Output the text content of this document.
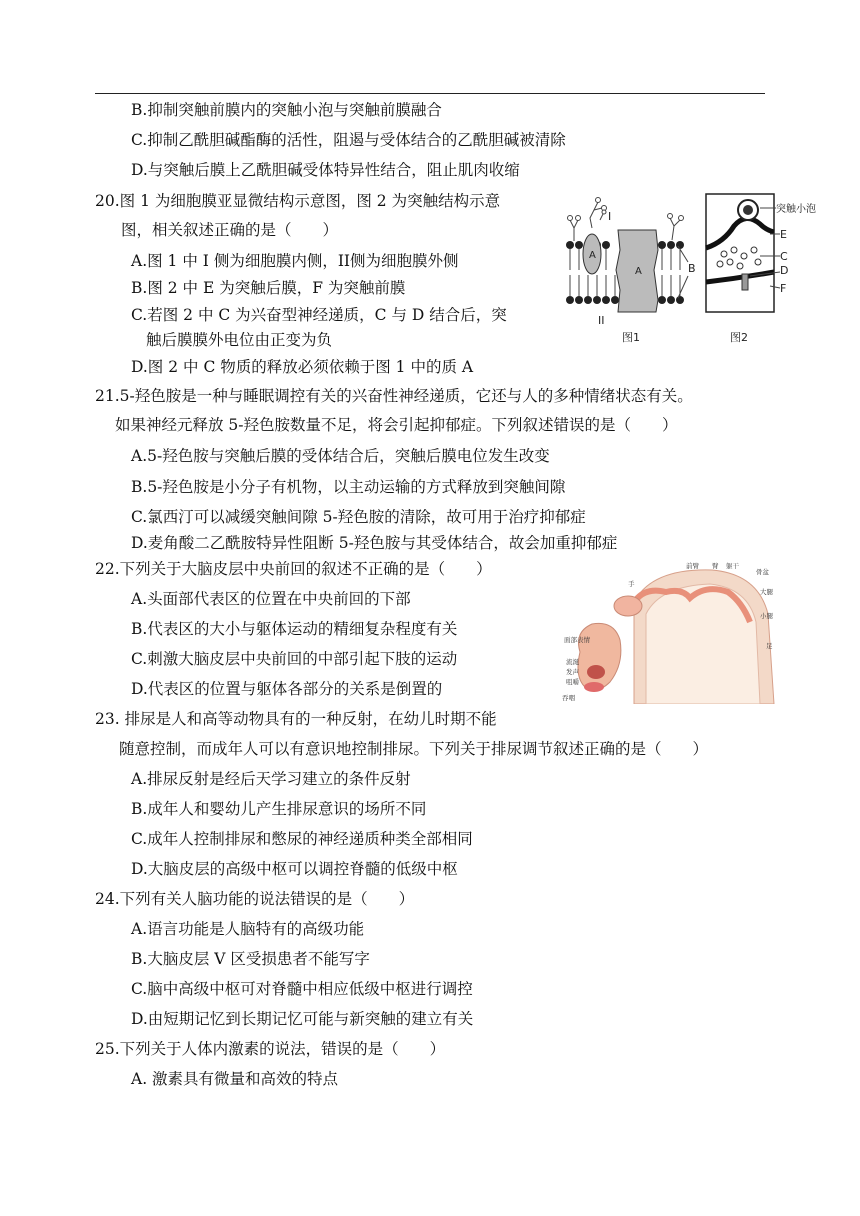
B.抑制突触前膜内的突触小泡与突触前膜融合
C.抑制乙酰胆碱酯酶的活性，阻遏与受体结合的乙酰胆碱被清除
D.与突触后膜上乙酰胆碱受体特异性结合，阻止肌肉收缩
20.图 1 为细胞膜亚显微结构示意图，图 2 为突触结构示意
图，相关叙述正确的是（　　）
A.图 1 中 I 侧为细胞膜内侧，II侧为细胞膜外侧
B.图 2 中 E 为突触后膜，F 为突触前膜
C.若图 2 中 C 为兴奋型神经递质，C 与 D 结合后，突
触后膜膜外电位由正变为负
D.图 2 中 C 物质的释放必须依赖于图 1 中的质 A
21.5-羟色胺是一种与睡眠调控有关的兴奋性神经递质，它还与人的多种情绪状态有关。
如果神经元释放 5-羟色胺数量不足，将会引起抑郁症。下列叙述错误的是（　　）
A.5-羟色胺与突触后膜的受体结合后，突触后膜电位发生改变
B.5-羟色胺是小分子有机物，以主动运输的方式释放到突触间隙
C.氯西汀可以减缓突触间隙 5-羟色胺的清除，故可用于治疗抑郁症
D.麦角酸二乙酰胺特异性阻断 5-羟色胺与其受体结合，故会加重抑郁症
22.下列关于大脑皮层中央前回的叙述不正确的是（　　）
A.头面部代表区的位置在中央前回的下部
B.代表区的大小与躯体运动的精细复杂程度有关
C.刺激大脑皮层中央前回的中部引起下肢的运动
D.代表区的位置与躯体各部分的关系是倒置的
23. 排尿是人和高等动物具有的一种反射，在幼儿时期不能
随意控制，而成年人可以有意识地控制排尿。下列关于排尿调节叙述正确的是（　　）
A.排尿反射是经后天学习建立的条件反射
B.成年人和婴幼儿产生排尿意识的场所不同
C.成年人控制排尿和憋尿的神经递质种类全部相同
D.大脑皮层的高级中枢可以调控脊髓的低级中枢
24.下列有关人脑功能的说法错误的是（　　）
A.语言功能是人脑特有的高级功能
B.大脑皮层 V 区受损患者不能写字
C.脑中高级中枢可对脊髓中相应低级中枢进行调控
D.由短期记忆到长期记忆可能与新突触的建立有关
25.下列关于人体内激素的说法，错误的是（　　）
A. 激素具有微量和高效的特点
A
A
I
II
B
图1
突触小泡
E
C
D
F
图2
手
前臂 臂 躯干
骨盆
大腿
小腿
足
面部表情
流涎
发声
咀嚼
吞咽
